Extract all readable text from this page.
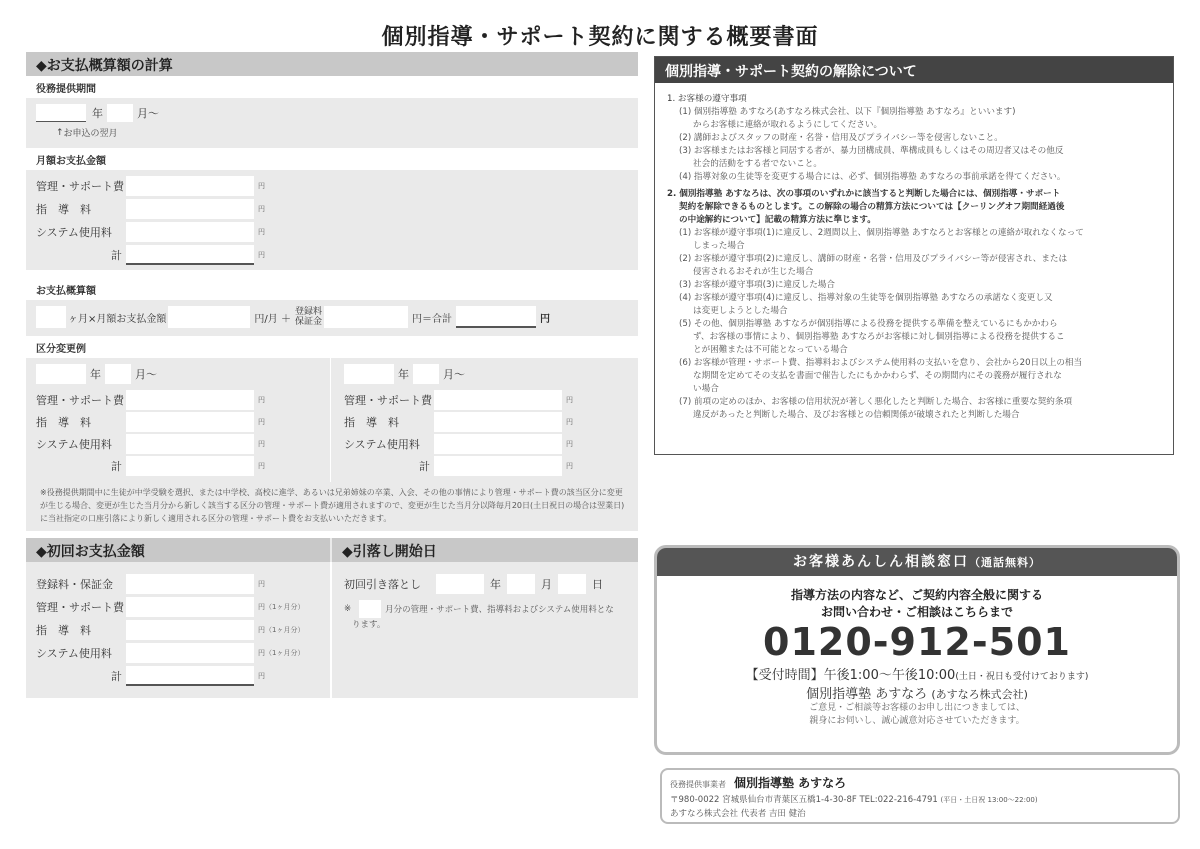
個別指導・サポート契約に関する概要書面
◆お支払概算額の計算
役務提供期間
年	月〜
↑ お申込の翌月
月額お支払金額
管理・サポート費	円
指　導　料	円
システム使用料	円
計	円
お支払概算額
ヶ月×月額お支払金額	円/月 ＋
登録料
保証金	円＝合計	円
区分変更例
年	月〜
管理・サポート費	円
指　導　料	円
システム使用料	円
計	円
年	月〜
管理・サポート費	円
指　導　料	円
システム使用料	円
計	円
※役務提供期間中に生徒が中学受験を選択、または中学校、高校に進学、あるいは兄弟姉妹の卒業、入会、その他の事情により管理・サポート費の該当区分に変更が生じる場合、変更が生じた当月分から新しく該当する区分の管理・サポート費が適用されますので、変更が生じた当月分以降毎月20日(土日祝日の場合は翌業日)に当社指定の口座引落により新しく適用される区分の管理・サポート費をお支払いいただきます。
◆初回お支払金額	◆引落し開始日
登録料・保証金	円
管理・サポート費	円（1ヶ月分）
指　導　料	円（1ヶ月分）
システム使用料	円（1ヶ月分）
計	円
初回引き落とし	年	月	日
※	月分の管理・サポート費、指導料およびシステム使用料とな
ります。
個別指導・サポート契約の解除について
1. お客様の遵守事項
(1) 個別指導塾 あすなろ(あすなろ株式会社、以下『個別指導塾 あすなろ』といいます)
からお客様に連絡が取れるようにしてください。
(2) 講師およびスタッフの財産・名誉・信用及びプライバシー等を侵害しないこと。
(3) お客様またはお客様と同居する者が、暴力団構成員、準構成員もしくはその周辺者又はその他反
社会的活動をする者でないこと。
(4) 指導対象の生徒等を変更する場合には、必ず、個別指導塾 あすなろの事前承諾を得てください。
2. 個別指導塾 あすなろは、次の事項のいずれかに該当すると判断した場合には、個別指導・サポート
契約を解除できるものとします。この解除の場合の精算方法については【クーリングオフ期間経過後
の中途解約について】記載の精算方法に準じます。
(1) お客様が遵守事項(1)に違反し、2週間以上、個別指導塾 あすなろとお客様との連絡が取れなくなって
しまった場合
(2) お客様が遵守事項(2)に違反し、講師の財産・名誉・信用及びプライバシー等が侵害され、または
侵害されるおそれが生じた場合
(3) お客様が遵守事項(3)に違反した場合
(4) お客様が遵守事項(4)に違反し、指導対象の生徒等を個別指導塾 あすなろの承諾なく変更し又
は変更しようとした場合
(5) その他、個別指導塾 あすなろが個別指導による役務を提供する準備を整えているにもかかわら
ず、お客様の事情により、個別指導塾 あすなろがお客様に対し個別指導による役務を提供するこ
とが困難または不可能となっている場合
(6) お客様が管理・サポート費、指導料およびシステム使用料の支払いを怠り、会社から20日以上の相当
な期間を定めてその支払を書面で催告したにもかかわらず、その期間内にその義務が履行されな
い場合
(7) 前項の定めのほか、お客様の信用状況が著しく悪化したと判断した場合、お客様に重要な契約条項
違反があったと判断した場合、及びお客様との信頼関係が破壊されたと判断した場合
お客様あんしん相談窓口（通話無料）
指導方法の内容など、ご契約内容全般に関する
お問い合わせ・ご相談はこちらまで
0120-912-501
【受付時間】午後1:00〜午後10:00(土日・祝日も受付けております)
個別指導塾 あすなろ (あすなろ株式会社)
ご意見・ご相談等お客様のお申し出につきましては、
親身にお伺いし、誠心誠意対応させていただきます。
役務提供事業者 個別指導塾 あすなろ
〒980-0022 宮城県仙台市青葉区五橋1-4-30-8F TEL:022-216-4791 (平日・土日祝 13:00〜22:00)
あすなろ株式会社 代表者 吉田 健治
